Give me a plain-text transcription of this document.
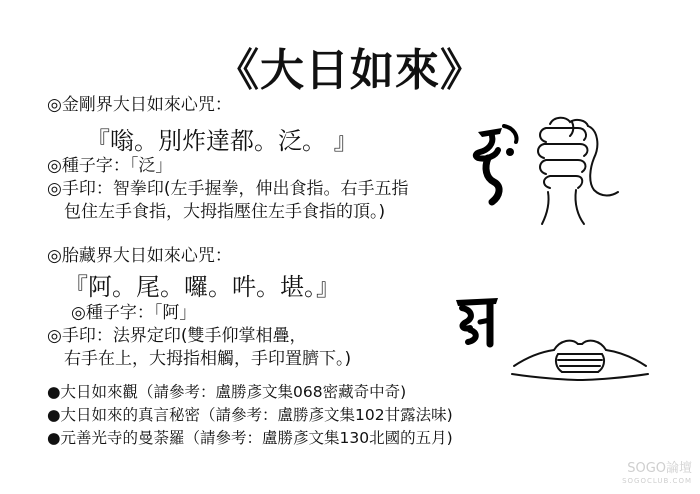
《大日如來》
◎金剛界大日如來心咒：
『嗡。別炸達都。泛。 』
◎種子字：「泛」
◎手印：智拳印(左手握拳，伸出食指。右手五指
包住左手食指，大拇指壓住左手食指的頂。)
◎胎藏界大日如來心咒：
『阿。尾。囉。吽。堪。』
◎種子字：「阿」
◎手印：法界定印(雙手仰掌相疊，
右手在上，大拇指相觸，手印置臍下。)
●大日如來觀（請參考：盧勝彥文集068密藏奇中奇)
●大日如來的真言秘密（請參考：盧勝彥文集102甘露法味)
●元善光寺的曼荼羅（請參考：盧勝彥文集130北國的五月)
SOGO論壇
SOGOCLUB.COM
